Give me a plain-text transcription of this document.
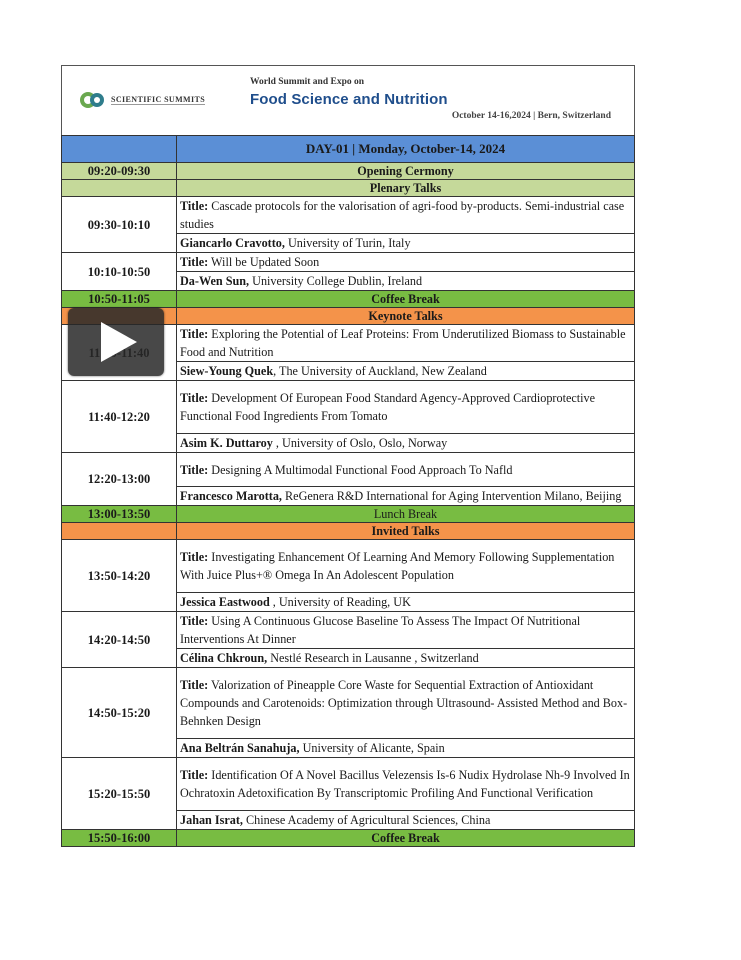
SCIENTIFIC SUMMITS
World Summit and Expo on
Food Science and Nutrition
October 14-16,2024 | Bern, Switzerland
	DAY-01 | Monday, October-14, 2024
09:20-09:30	Opening Cermony
	Plenary Talks
09:30-10:10	Title: Cascade protocols for the valorisation of agri-food by-products. Semi-industrial case studies
	Giancarlo Cravotto, University of Turin, Italy
10:10-10:50	Title: Will be Updated Soon
	Da-Wen Sun, University College Dublin, Ireland
10:50-11:05	Coffee Break
	Keynote Talks
	Title: Exploring the Potential of Leaf Proteins: From Underutilized Biomass to Sustainable Food and Nutrition
	Siew-Young Quek, The University of Auckland, New Zealand
11:40-12:20	Title: Development Of European Food Standard Agency-Approved Cardioprotective Functional Food Ingredients From Tomato
	Asim K. Duttaroy , University of Oslo, Oslo, Norway
12:20-13:00	Title: Designing A Multimodal Functional Food Approach To Nafld
	Francesco Marotta, ReGenera R&D International for Aging Intervention Milano, Beijing
13:00-13:50	Lunch Break
	Invited Talks
13:50-14:20	Title: Investigating Enhancement Of Learning And Memory Following Supplementation With Juice Plus+® Omega In An Adolescent Population
	Jessica Eastwood , University of Reading, UK
14:20-14:50	Title: Using A Continuous Glucose Baseline To Assess The Impact Of Nutritional Interventions At Dinner
	Célina Chkroun, Nestlé Research in Lausanne , Switzerland
14:50-15:20	Title: Valorization of Pineapple Core Waste for Sequential Extraction of Antioxidant Compounds and Carotenoids: Optimization through Ultrasound- Assisted Method and Box-Behnken Design
	Ana Beltrán Sanahuja, University of Alicante, Spain
15:20-15:50	Title: Identification Of A Novel Bacillus Velezensis Is-6 Nudix Hydrolase Nh-9 Involved In Ochratoxin Adetoxification By Transcriptomic Profiling And Functional Verification
	Jahan Israt, Chinese Academy of Agricultural Sciences, China
15:50-16:00	Coffee Break
